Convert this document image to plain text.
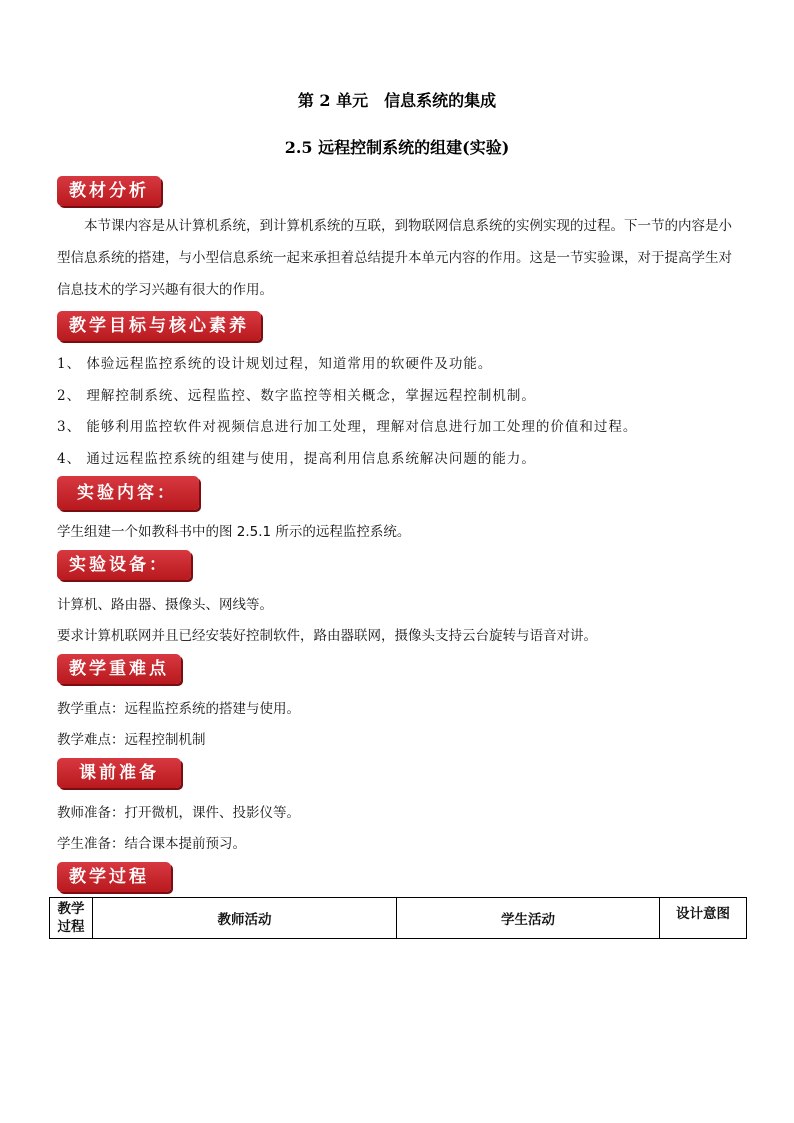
第 2 单元　信息系统的集成
2.5 远程控制系统的组建(实验)
教材分析
本节课内容是从计算机系统，到计算机系统的互联，到物联网信息系统的实例实现的过程。下一节的内容是小型信息系统的搭建，与小型信息系统一起来承担着总结提升本单元内容的作用。这是一节实验课，对于提高学生对信息技术的学习兴趣有很大的作用。
教学目标与核心素养
1、 体验远程监控系统的设计规划过程，知道常用的软硬件及功能。
2、 理解控制系统、远程监控、数字监控等相关概念，掌握远程控制机制。
3、 能够利用监控软件对视频信息进行加工处理，理解对信息进行加工处理的价值和过程。
4、 通过远程监控系统的组建与使用，提高利用信息系统解决问题的能力。
实验内容：
学生组建一个如教科书中的图 2.5.1 所示的远程监控系统。
实验设备：
计算机、路由器、摄像头、网线等。
要求计算机联网并且已经安装好控制软件，路由器联网，摄像头支持云台旋转与语音对讲。
教学重难点
教学重点：远程监控系统的搭建与使用。
教学难点：远程控制机制
课前准备
教师准备：打开微机，课件、投影仪等。
学生准备：结合课本提前预习。
教学过程
教学
过程	教师活动	学生活动	设计意图
